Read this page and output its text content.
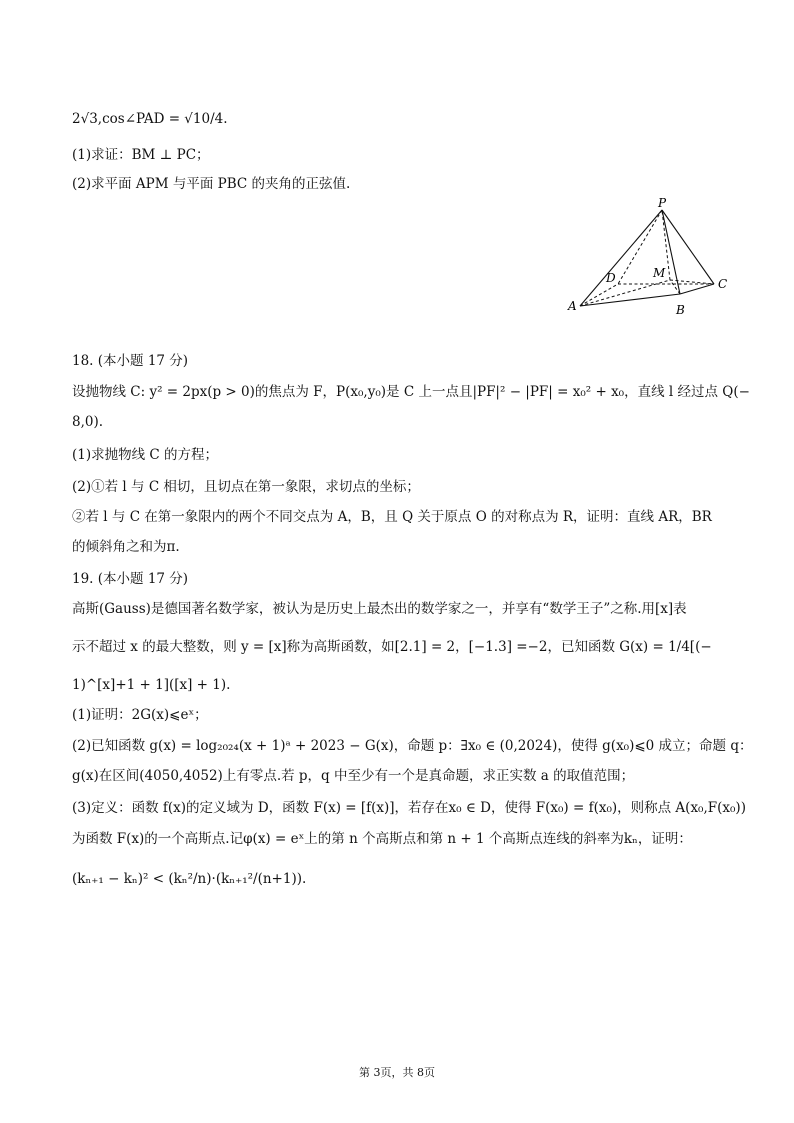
2√3,cos∠PAD = √10/4.
(1)求证：BM ⊥ PC；
(2)求平面 APM 与平面 PBC 的夹角的正弦值.
P
D	M
C
A	B
18. (本小题 17 分)
设抛物线 C: y² = 2px(p > 0)的焦点为 F，P(x₀,y₀)是 C 上一点且|PF|² − |PF| = x₀² + x₀，直线 l 经过点 Q(−
8,0).
(1)求抛物线 C 的方程；
(2)①若 l 与 C 相切，且切点在第一象限，求切点的坐标；
②若 l 与 C 在第一象限内的两个不同交点为 A，B，且 Q 关于原点 O 的对称点为 R，证明：直线 AR，BR
的倾斜角之和为π.
19. (本小题 17 分)
高斯(Gauss)是德国著名数学家，被认为是历史上最杰出的数学家之一，并享有“数学王子”之称.用[x]表
示不超过 x 的最大整数，则 y = [x]称为高斯函数，如[2.1] = 2，[−1.3] =−2，已知函数 G(x) = 1/4[(−
1)^[x]+1 + 1]([x] + 1).
(1)证明：2G(x)⩽eˣ；
(2)已知函数 g(x) = log₂₀₂₄(x + 1)ᵃ + 2023 − G(x)，命题 p：∃x₀ ∈ (0,2024)，使得 g(x₀)⩽0 成立；命题 q：
g(x)在区间(4050,4052)上有零点.若 p，q 中至少有一个是真命题，求正实数 a 的取值范围；
(3)定义：函数 f(x)的定义域为 D，函数 F(x) = [f(x)]，若存在x₀ ∈ D，使得 F(x₀) = f(x₀)，则称点 A(x₀,F(x₀))
为函数 F(x)的一个高斯点.记φ(x) = eˣ上的第 n 个高斯点和第 n + 1 个高斯点连线的斜率为kₙ，证明：
(kₙ₊₁ − kₙ)² < (kₙ²/n)·(kₙ₊₁²/(n+1)).
第 3页，共 8页
